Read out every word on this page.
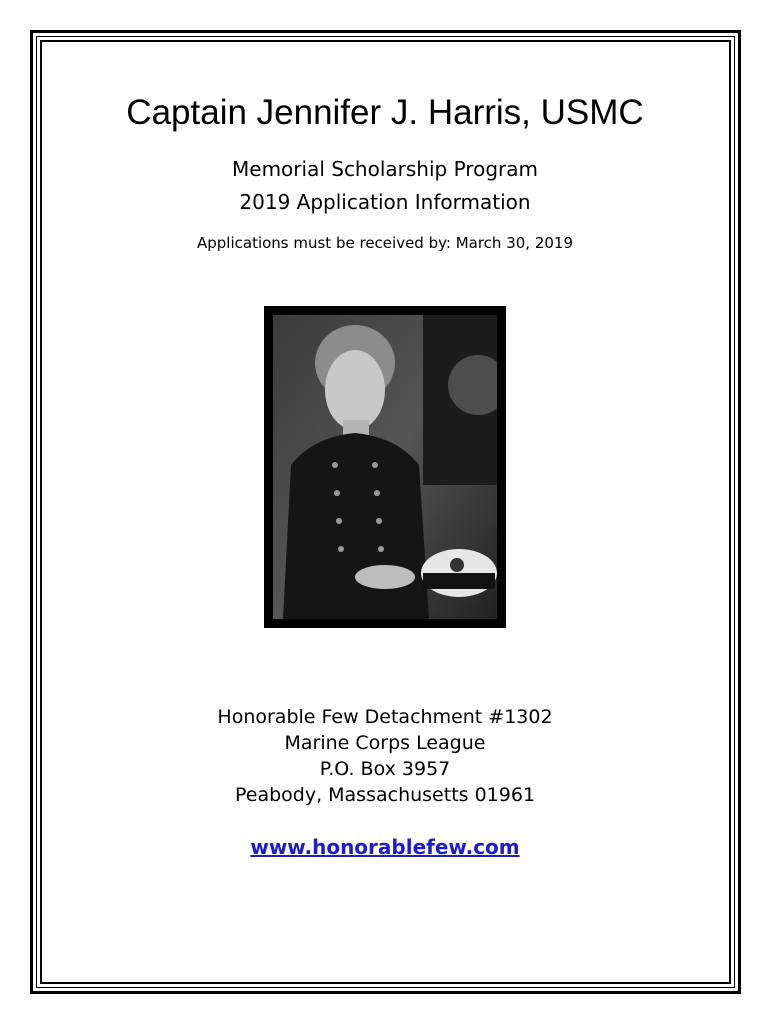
Captain Jennifer J. Harris, USMC
Memorial Scholarship Program
2019 Application Information
Applications must be received by: March 30, 2019
Honorable Few Detachment #1302
Marine Corps League
P.O. Box 3957
Peabody, Massachusetts 01961
www.honorablefew.com
